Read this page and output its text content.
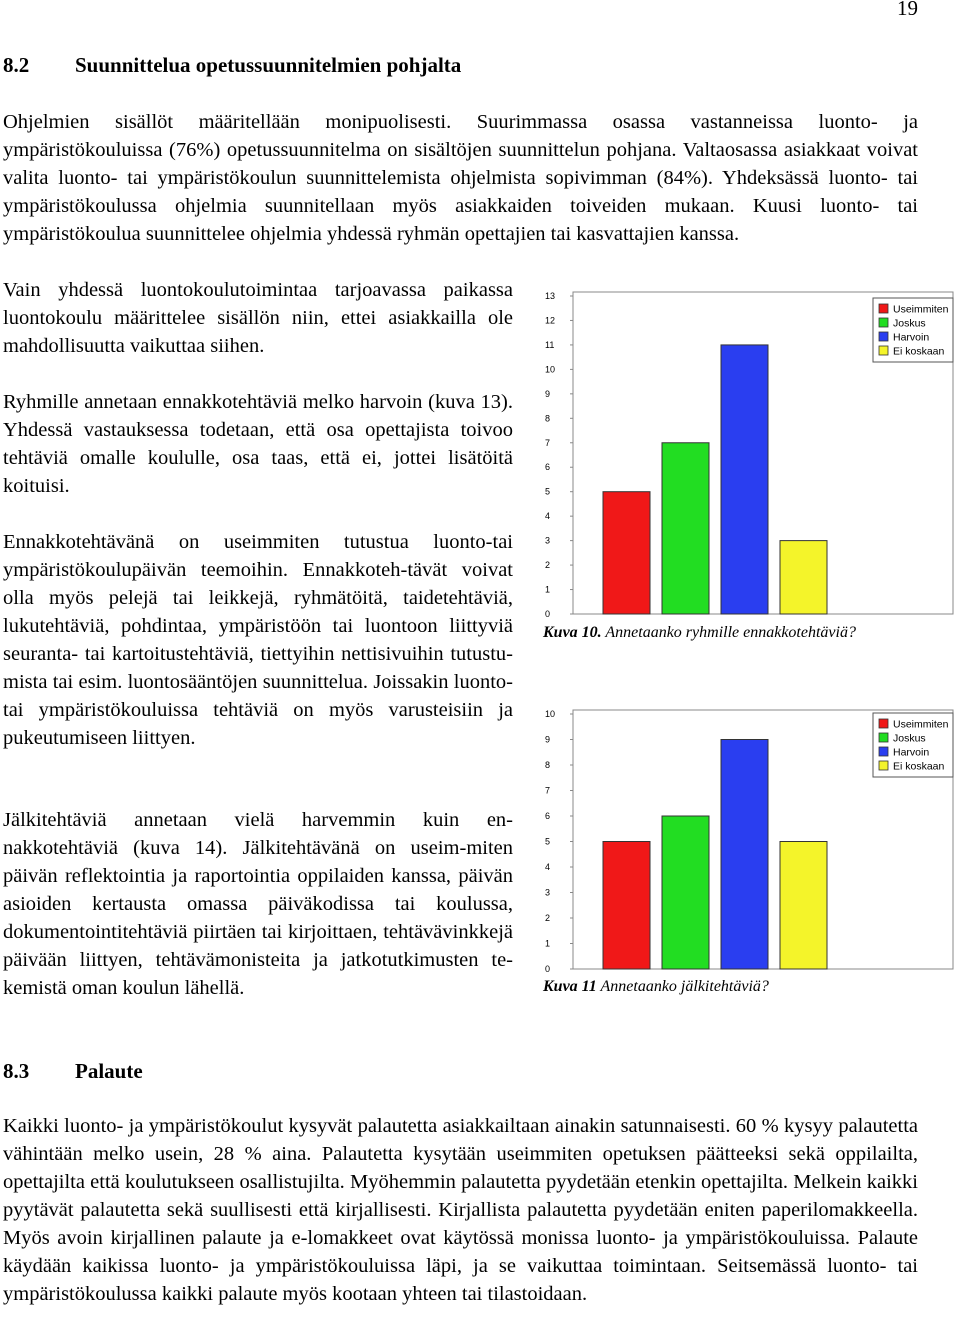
19
8.2 Suunnittelua opetussuunnitelmien pohjalta

Ohjelmien sisällöt määritellään monipuolisesti. Suurimmassa osassa vastanneissa luonto- ja ympäristökouluissa (76%) opetussuunnitelma on sisältöjen suunnittelun pohjana. Valtaosassa asiakkaat voivat valita luonto- tai ympäristökoulun suunnittelemista ohjelmista sopivimman (84%). Yhdeksässä luonto- tai ympäristökoulussa ohjelmia suunnitellaan myös asiakkaiden toiveiden mukaan. Kuusi luonto- tai ympäristökoulua suunnittelee ohjelmia yhdessä ryhmän opettajien tai kasvattajien kanssa.

Vain yhdessä luontokoulutoimintaa tarjoavassa paikassa luontokoulu määrittelee sisällön niin, ettei asiakkailla ole mahdollisuutta vaikuttaa siihen.

Ryhmille annetaan ennakkotehtäviä melko harvoin (kuva 13). Yhdessä vastauksessa todetaan, että osa opettajista toivoo tehtäviä omalle koululle, osa taas, että ei, jottei lisätöitä koituisi.

Ennakkotehtävänä on useimmiten tutustua luonto-tai ympäristökoulupäivän teemoihin. Ennakkoteh-tävät voivat olla myös pelejä tai leikkejä, ryhmätöitä, taidetehtäviä, lukutehtäviä, pohdintaa, ympäristöön tai luontoon liittyviä seuranta- tai kartoitustehtäviä, tiettyihin nettisivuihin tutustu-mista tai esim. luontosääntöjen suunnittelua. Joissakin luonto- tai ympäristökouluissa tehtäviä on myös varusteisiin ja pukeutumiseen liittyen.

Jälkitehtäviä annetaan vielä harvemmin kuin en-nakkotehtäviä (kuva 14). Jälkitehtävänä on useim-miten päivän reflektointia ja raportointia oppilaiden kanssa, päivän asioiden kertausta omassa päiväkodissa tai koulussa, dokumentointitehtäviä piirtäen tai kirjoittaen, tehtävävinkkejä päivään liittyen, tehtävämonisteita ja jatkotutkimusten te-kemistä oman koulun lähellä.

0
1
2
3
4
5
6
7
8
9
10
11
12
13
Useimmiten
Joskus
Harvoin
Ei koskaan
Kuva 10. Annetaanko ryhmille ennakkotehtäviä?
0
1
2
3
4
5
6
7
8
9
10
Useimmiten
Joskus
Harvoin
Ei koskaan
Kuva 11 Annetaanko jälkitehtäviä?
8.3 Palaute

Kaikki luonto- ja ympäristökoulut kysyvät palautetta asiakkailtaan ainakin satunnaisesti. 60 % kysyy palautetta vähintään melko usein, 28 % aina. Palautetta kysytään useimmiten opetuksen päätteeksi sekä oppilailta, opettajilta että koulutukseen osallistujilta. Myöhemmin palautetta pyydetään etenkin opettajilta. Melkein kaikki pyytävät palautetta sekä suullisesti että kirjallisesti. Kirjallista palautetta pyydetään eniten paperilomakkeella. Myös avoin kirjallinen palaute ja e-lomakkeet ovat käytössä monissa luonto- ja ympäristökouluissa. Palaute käydään kaikissa luonto- ja ympäristökouluissa läpi, ja se vaikuttaa toimintaan. Seitsemässä luonto- tai ympäristökoulussa kaikki palaute myös kootaan yhteen tai tilastoidaan.
